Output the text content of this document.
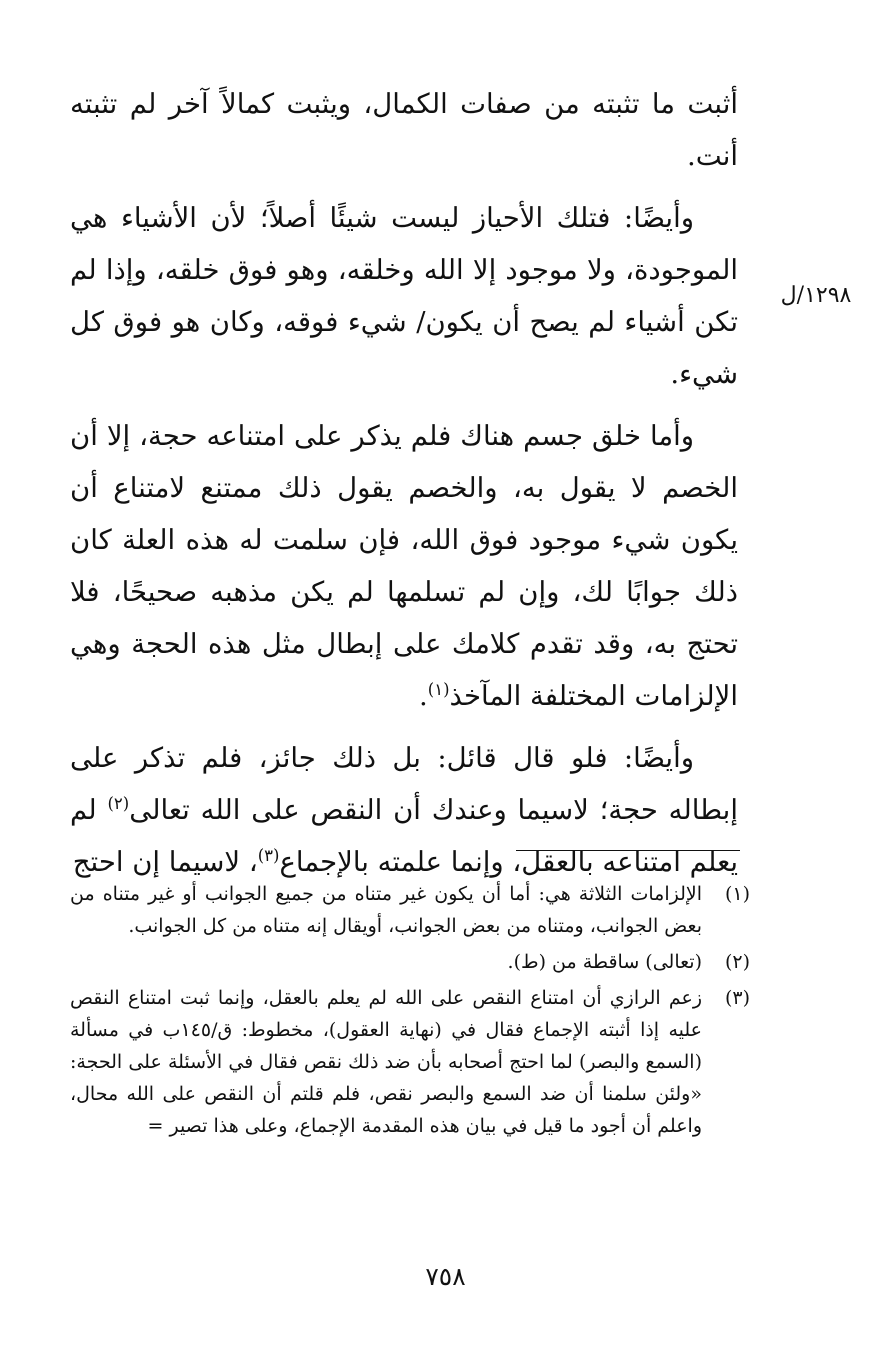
أثبت ما تثبته من صفات الكمال، ويثبت كمالاً آخر لم تثبته أنت.

وأيضًا: فتلك الأحياز ليست شيئًا أصلاً؛ لأن الأشياء هي الموجودة، ولا موجود إلا الله وخلقه، وهو فوق خلقه، وإذا لم تكن أشياء لم يصح أن يكون/ شيء فوقه، وكان هو فوق كل شيء.

وأما خلق جسم هناك فلم يذكر على امتناعه حجة، إلا أن الخصم لا يقول به، والخصم يقول ذلك ممتنع لامتناع أن يكون شيء موجود فوق الله، فإن سلمت له هذه العلة كان ذلك جوابًا لك، وإن لم تسلمها لم يكن مذهبه صحيحًا، فلا تحتج به، وقد تقدم كلامك على إبطال مثل هذه الحجة وهي الإلزامات المختلفة المآخذ$^{(١)}$.

وأيضًا: فلو قال قائل: بل ذلك جائز، فلم تذكر على إبطاله حجة؛ لاسيما وعندك أن النقص على الله تعالى$^{(٢)}$ لم يعلم امتناعه بالعقل، وإنما علمته بالإجماع$^{(٣)}$، لاسيما إن احتج

١٢٩٨/ل
(١)
الإلزامات الثلاثة هي: أما أن يكون غير متناه من جميع الجوانب أو غير متناه من بعض الجوانب، ومتناه من بعض الجوانب، أويقال إنه متناه من كل الجوانب.
(٢)
(تعالى) ساقطة من (ط).
(٣)
زعم الرازي أن امتناع النقص على الله لم يعلم بالعقل، وإنما ثبت امتناع النقص عليه إذا أثبته الإجماع فقال في (نهاية العقول)، مخطوط: ق/١٤٥ب في مسألة (السمع والبصر) لما احتج أصحابه بأن ضد ذلك نقص فقال في الأسئلة على الحجة: «ولئن سلمنا أن ضد السمع والبصر نقص، فلم قلتم أن النقص على الله محال، واعلم أن أجود ما قيل في بيان هذه المقدمة الإجماع، وعلى هذا تصير =
٧٥٨
